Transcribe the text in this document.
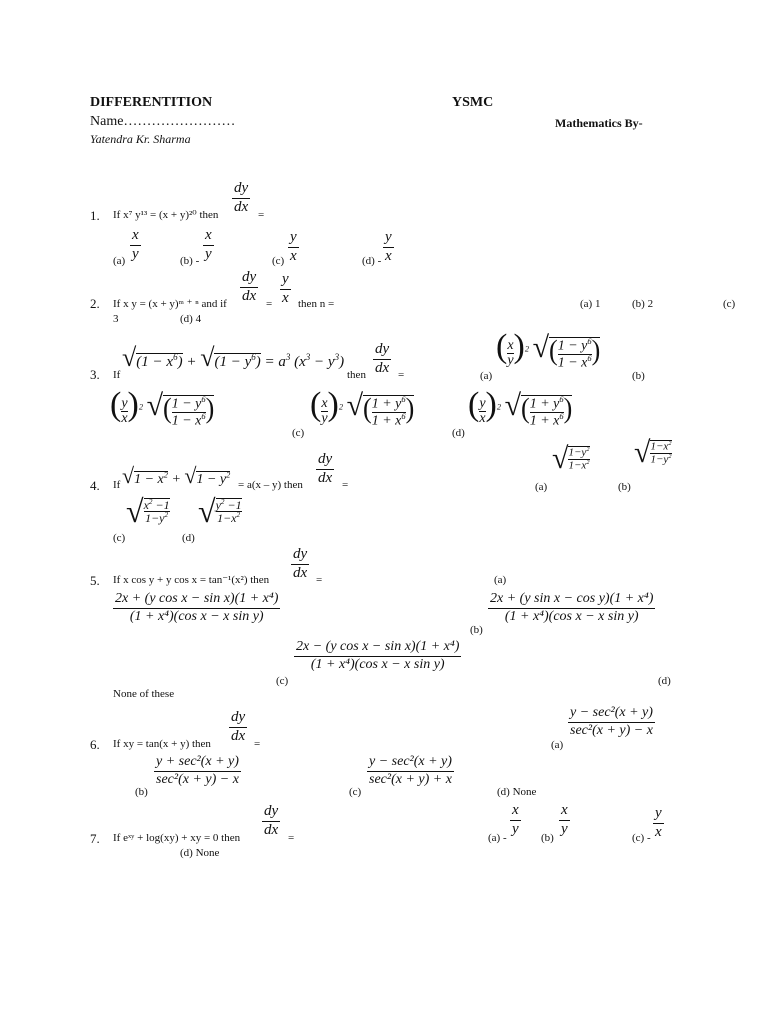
DIFFERENTITION	YSMC
Name……………………	Mathematics By-
Yatendra Kr. Sharma
1. If x⁷ y¹³ = (x + y)²⁰ then $\frac{dy}{dx}$ =
$(a) \frac{x}{y}$	$(b) - \frac{x}{y}$	$(c) \frac{y}{x}$	$(d) - \frac{y}{x}$
2. If x y = (x + y)ᵐ ⁺ ⁿ and if $\frac{dy}{dx} = \frac{y}{x}$ then n =	(a) 1	(b) 2	(c)
3	(d) 4
3. If
$√(1 - x^6) + √(1 - y^6) = a^3$ $(x^3 - y^3)$
then $\frac{dy}{dx}$ =	(a)
( $\frac{x}{y} )^2$ √ ( $1 - y^6$
$1 - x^6$ )
(b)
( $\frac{y}{x} )^2$ √ ( $1 - y^6$
$1 - x^6$ )
(c)
( $\frac{x}{y} )^2$ √ ( $1 + y^6$
$1 + x^6$ )
(d)
( $\frac{y}{x} )^2$ √ ( $1 + y^6$
$1 + x^6$ )
4. If $√1 - x^2 + √1 - y^2$
= a(x – y) then $\frac{dy}{dx}$ =	(a)
√ $\frac{1-y^2}{1-x^2}$
(b)
√ $\frac{1-x^2}{1-y^2}$
(c)
√ $\frac{x^2 -1}{1-y^2}$
(d)
√ $\frac{y^2 -1}{1-x^2}$
5. If x cos y + y cos x = tan⁻¹(x²) then $\frac{dy}{dx}$ =	(a)
$\frac{\text{2x + (y cos x − sin x)(1 + x⁴)}}{\text{(1 + x⁴)(cos x − x sin y)}}$	$\frac{\text{2x + (y sin x − cos y)(1 + x⁴)}}{\text{(1 + x⁴)(cos x − x sin y)}}$
(b)
$\frac{\text{2x − (y cos x − sin x)(1 + x⁴)}}{\text{(1 + x⁴)(cos x − x sin y)}}$
(c)	(d)
None of these
6. If xy = tan(x + y) then $\frac{dy}{dx}$ =	(a)
y − sec²(x + y)
sec²(x + y) − x
(b)
y + sec²(x + y)
sec²(x + y) − x
(c)
y − sec²(x + y)
sec²(x + y) + x
(d) None
7. If eˣʸ + log(xy) + xy = 0 then $\frac{dy}{dx}$ =	(a) -
$\frac{x}{y}$
(b)
$\frac{x}{y}$
$(c) - \frac{y}{x}$
(d) None
